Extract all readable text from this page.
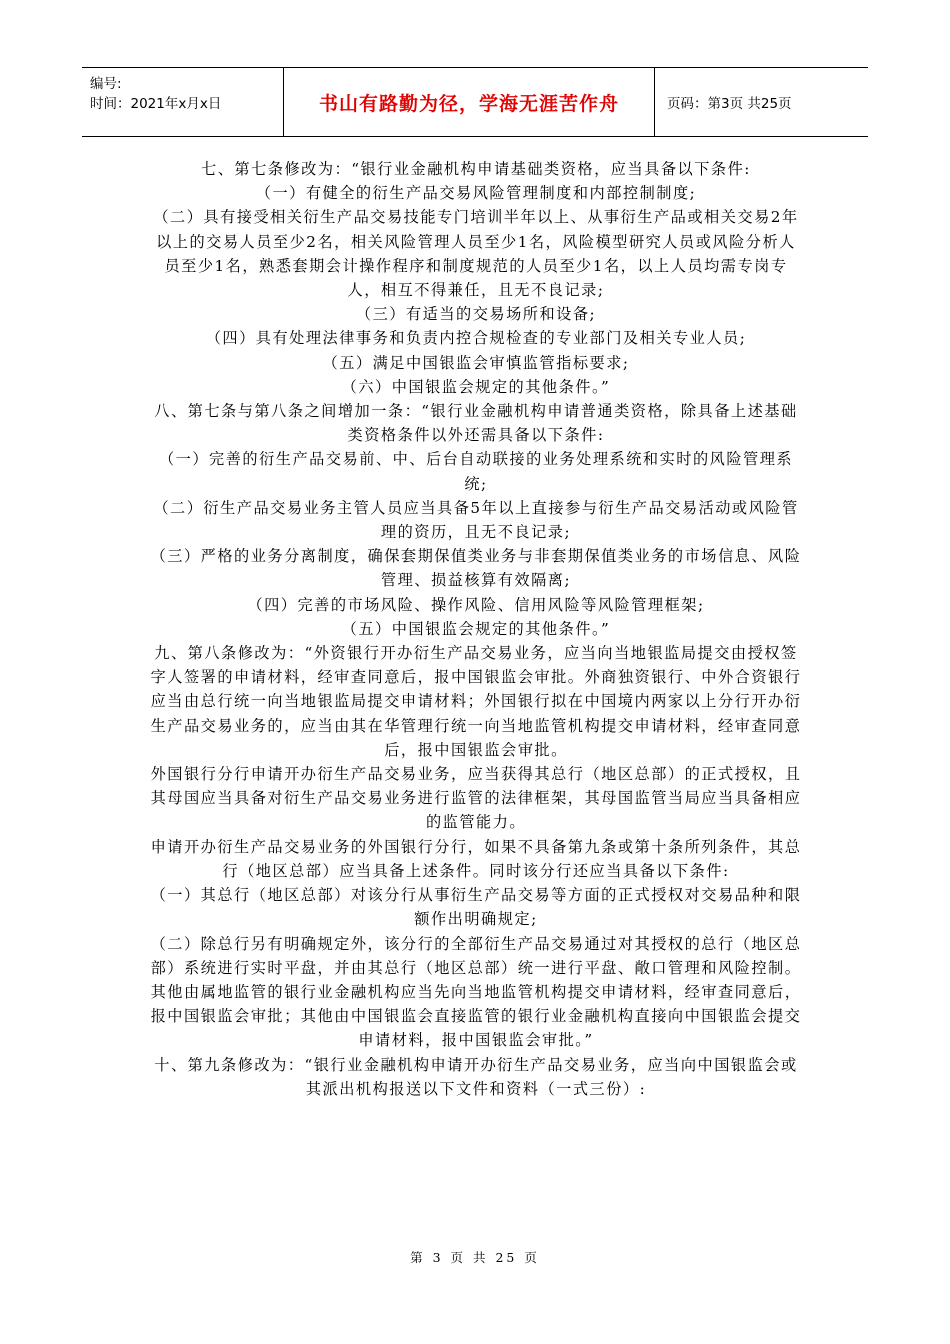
编号:
时间：2021年x月x日	书山有路勤为径，学海无涯苦作舟	页码：第3页 共25页

七、第七条修改为：“银行业金融机构申请基础类资格，应当具备以下条件:

（一）有健全的衍生产品交易风险管理制度和内部控制制度;

（二）具有接受相关衍生产品交易技能专门培训半年以上、从事衍生产品或相关交易2年以上的交易人员至少2名，相关风险管理人员至少1名，风险模型研究人员或风险分析人员至少1名，熟悉套期会计操作程序和制度规范的人员至少1名，以上人员均需专岗专人，相互不得兼任，且无不良记录;

（三）有适当的交易场所和设备;

（四）具有处理法律事务和负责内控合规检查的专业部门及相关专业人员;

（五）满足中国银监会审慎监管指标要求;

（六）中国银监会规定的其他条件。”

八、第七条与第八条之间增加一条：“银行业金融机构申请普通类资格，除具备上述基础类资格条件以外还需具备以下条件:

（一）完善的衍生产品交易前、中、后台自动联接的业务处理系统和实时的风险管理系统;

（二）衍生产品交易业务主管人员应当具备5年以上直接参与衍生产品交易活动或风险管理的资历，且无不良记录;

（三）严格的业务分离制度，确保套期保值类业务与非套期保值类业务的市场信息、风险管理、损益核算有效隔离;

（四）完善的市场风险、操作风险、信用风险等风险管理框架;

（五）中国银监会规定的其他条件。”

九、第八条修改为：“外资银行开办衍生产品交易业务，应当向当地银监局提交由授权签字人签署的申请材料，经审查同意后，报中国银监会审批。外商独资银行、中外合资银行应当由总行统一向当地银监局提交申请材料；外国银行拟在中国境内两家以上分行开办衍生产品交易业务的，应当由其在华管理行统一向当地监管机构提交申请材料，经审查同意后，报中国银监会审批。

外国银行分行申请开办衍生产品交易业务，应当获得其总行（地区总部）的正式授权，且其母国应当具备对衍生产品交易业务进行监管的法律框架，其母国监管当局应当具备相应的监管能力。

申请开办衍生产品交易业务的外国银行分行，如果不具备第九条或第十条所列条件，其总行（地区总部）应当具备上述条件。同时该分行还应当具备以下条件:

（一）其总行（地区总部）对该分行从事衍生产品交易等方面的正式授权对交易品种和限额作出明确规定;

（二）除总行另有明确规定外，该分行的全部衍生产品交易通过对其授权的总行（地区总部）系统进行实时平盘，并由其总行（地区总部）统一进行平盘、敞口管理和风险控制。

其他由属地监管的银行业金融机构应当先向当地监管机构提交申请材料，经审查同意后，报中国银监会审批；其他由中国银监会直接监管的银行业金融机构直接向中国银监会提交申请材料，报中国银监会审批。”

十、第九条修改为：“银行业金融机构申请开办衍生产品交易业务，应当向中国银监会或其派出机构报送以下文件和资料（一式三份）:

第 3 页 共 25 页
